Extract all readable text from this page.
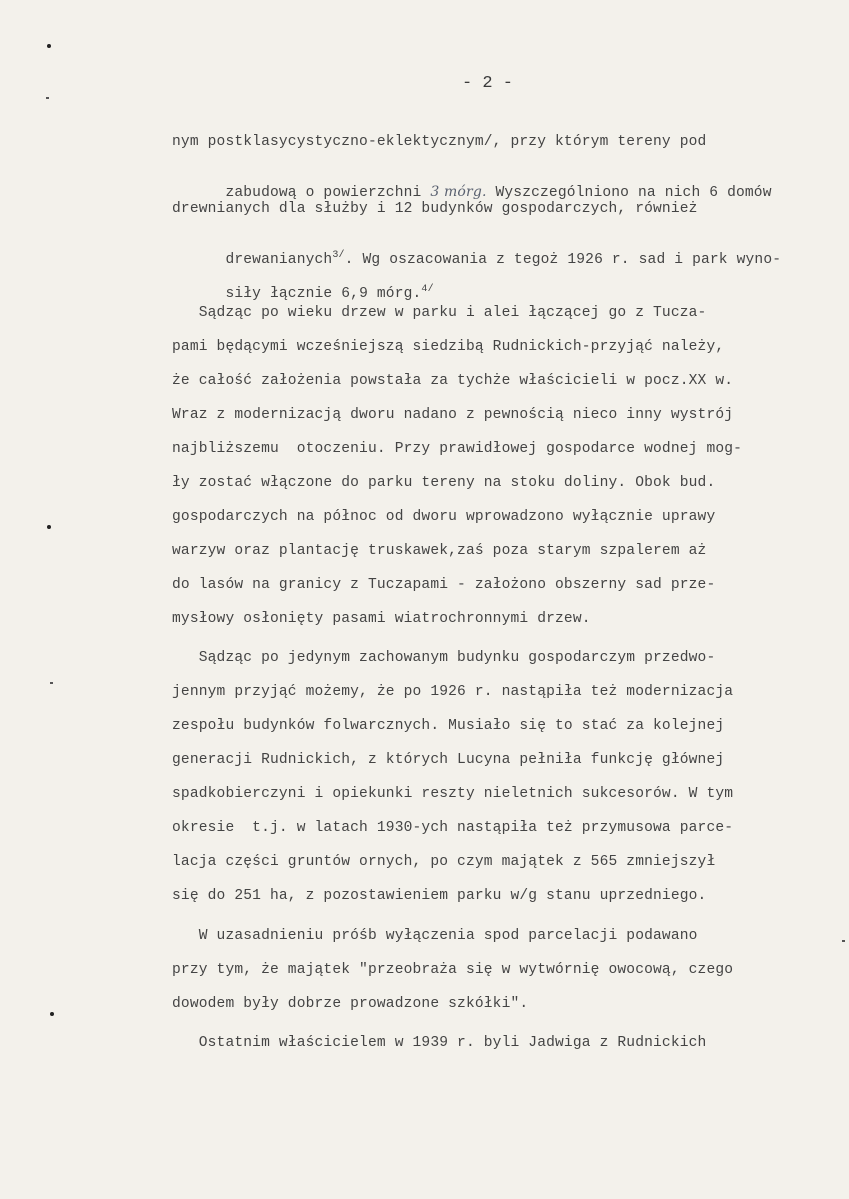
- 2 -
nym postklasycystyczno-eklektycznym/, przy którym tereny pod

zabudową o powierzchni 3 mórg. Wyszczególniono na nich 6 domów

drewnianych dla służby i 12 budynków gospodarczych, również

drewanianych$^{3/}$. Wg oszacowania z tegoż 1926 r. sad i park wyno-

siły łącznie 6,9 mórg.$^{4/}$

Sądząc po wieku drzew w parku i alei łączącej go z Tucza-
pami będącymi wcześniejszą siedzibą Rudnickich-przyjąć należy,
że całość założenia powstała za tychże właścicieli w pocz.XX w.
Wraz z modernizacją dworu nadano z pewnością nieco inny wystrój
najbliższemu  otoczeniu. Przy prawidłowej gospodarce wodnej mog-
ły zostać włączone do parku tereny na stoku doliny. Obok bud.
gospodarczych na północ od dworu wprowadzono wyłącznie uprawy
warzyw oraz plantację truskawek,zaś poza starym szpalerem aż
do lasów na granicy z Tuczapami - założono obszerny sad prze-
mysłowy osłonięty pasami wiatrochronnymi drzew.
Sądząc po jedynym zachowanym budynku gospodarczym przedwo-
jennym przyjąć możemy, że po 1926 r. nastąpiła też modernizacja
zespołu budynków folwarcznych. Musiało się to stać za kolejnej
generacji Rudnickich, z których Lucyna pełniła funkcję głównej
spadkobierczyni i opiekunki reszty nieletnich sukcesorów. W tym
okresie  t.j. w latach 1930-ych nastąpiła też przymusowa parce-
lacja części gruntów ornych, po czym majątek z 565 zmniejszył
się do 251 ha, z pozostawieniem parku w/g stanu uprzedniego.
W uzasadnieniu próśb wyłączenia spod parcelacji podawano
przy tym, że majątek "przeobraża się w wytwórnię owocową, czego
dowodem były dobrze prowadzone szkółki".
Ostatnim właścicielem w 1939 r. byli Jadwiga z Rudnickich
